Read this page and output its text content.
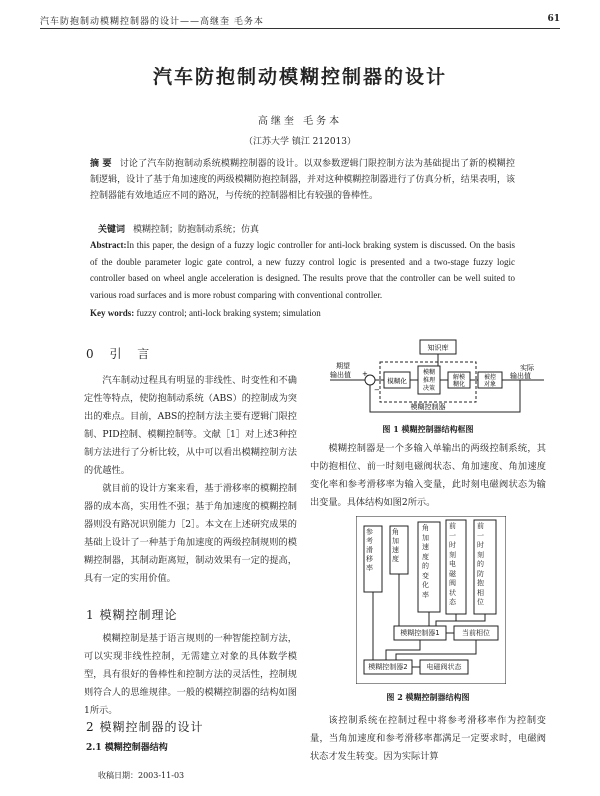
汽车防抱制动模糊控制器的设计——高继奎 毛务本	61
汽车防抱制动模糊控制器的设计
高继奎 毛务本
（江苏大学 镇江 212013）
摘 要 讨论了汽车防抱制动系统模糊控制器的设计。以双参数逻辑门限控制方法为基础提出了新的模糊控制逻辑，设计了基于角加速度的两级模糊防抱控制器，并对这种模糊控制器进行了仿真分析，结果表明，该控制器能有效地适应不同的路况，与传统的控制器相比有较强的鲁棒性。
关键词 模糊控制；防抱制动系统；仿真
Abstract:In this paper, the design of a fuzzy logic controller for anti-lock braking system is discussed. On the basis of the double parameter logic gate control, a new fuzzy control logic is presented and a two-stage fuzzy logic controller based on wheel angle acceleration is designed. The results prove that the controller can be well suited to various road surfaces and is more robust comparing with conventional controller.
Key words: fuzzy control; anti-lock braking system; simulation
0 引 言
汽车制动过程具有明显的非线性、时变性和不确定性等特点，使防抱制动系统（ABS）的控制成为突出的难点。目前，ABS的控制方法主要有逻辑门限控制、PID控制、模糊控制等。文献［1］对上述3种控制方法进行了分析比较，从中可以看出模糊控制方法的优越性。
就目前的设计方案来看，基于滑移率的模糊控制器的成本高，实用性不强；基于角加速度的模糊控制器则没有路况识别能力［2］。本文在上述研究成果的基础上设计了一种基于角加速度的两级控制规则的模糊控制器，其制动距离短，制动效果有一定的提高，具有一定的实用价值。
1 模糊控制理论
模糊控制是基于语言规则的一种智能控制方法，可以实现非线性控制，无需建立对象的具体数学模型，具有很好的鲁棒性和控制方法的灵活性，控制规则符合人的思维规律。一般的模糊控制器的结构如图1所示。
2 模糊控制器的设计
2.1 模糊控制器结构
收稿日期：2003-11-03
知识库
期望
输出值 +
−
模糊化
模糊
推理
决策
解模
糊化
被控
对象
实际
输出值
模糊控制器
图 1 模糊控制器结构框图
模糊控制器是一个多输入单输出的两级控制系统，其中防抱相位、前一时刻电磁阀状态、角加速度、角加速度变化率和参考滑移率为输入变量，此时刻电磁阀状态为输出变量。具体结构如图2所示。
参考滑移率
角加速度
角加速度的变化率
前一时刻电磁阀状态
前一时刻的防抱相位
模糊控制器1	当前相位
模糊控制器2	电磁阀状态
图 2 模糊控制器结构图
该控制系统在控制过程中将参考滑移率作为控制变量，当角加速度和参考滑移率都满足一定要求时，电磁阀状态才发生转变。因为实际计算
